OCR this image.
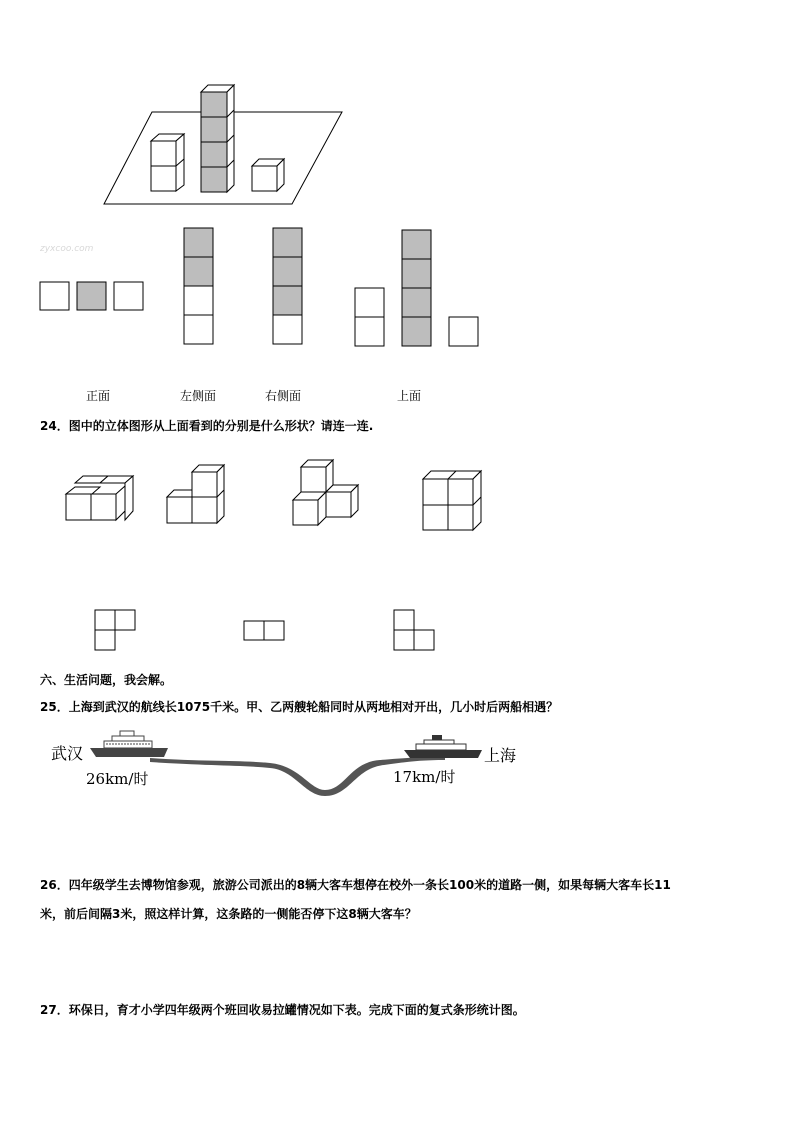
zyxcoo.com
正面	左侧面	右侧面	上面
24．图中的立体图形从上面看到的分别是什么形状？请连一连.
六、生活问题，我会解。
25．上海到武汉的航线长1075千米。甲、乙两艘轮船同时从两地相对开出，几小时后两船相遇？
武汉	上海
26km/时	17km/时
26．四年级学生去博物馆参观，旅游公司派出的8辆大客车想停在校外一条长100米的道路一侧，如果每辆大客车长11
米，前后间隔3米，照这样计算，这条路的一侧能否停下这8辆大客车？
27．环保日，育才小学四年级两个班回收易拉罐情况如下表。完成下面的复式条形统计图。
